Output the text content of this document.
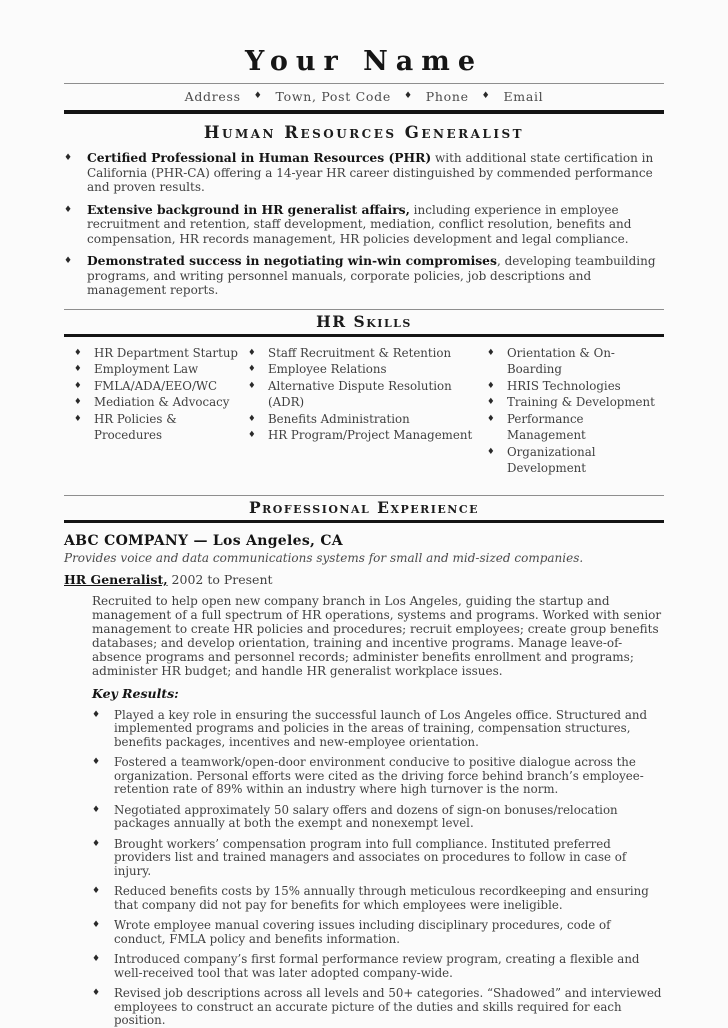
Your Name
Address ♦ Town, Post Code ♦ Phone ♦ Email
Human Resources Generalist
♦	Certified Professional in Human Resources (PHR) with additional state certification in California (PHR-CA) offering a 14-year HR career distinguished by commended performance and proven results.

♦	Extensive background in HR generalist affairs, including experience in employee recruitment and retention, staff development, mediation, conflict resolution, benefits and compensation, HR records management, HR policies development and legal compliance.

♦	Demonstrated success in negotiating win-win compromises, developing teambuilding programs, and writing personnel manuals, corporate policies, job descriptions and management reports.

HR Skills
♦	HR Department Startup
♦	Employment Law
♦	FMLA/ADA/EEO/WC
♦	Mediation & Advocacy
♦	HR Policies & Procedures
♦	Staff Recruitment & Retention
♦	Employee Relations
♦	Alternative Dispute Resolution (ADR)
♦	Benefits Administration
♦	HR Program/Project Management
♦	Orientation & On-Boarding
♦	HRIS Technologies
♦	Training & Development
♦	Performance Management
♦	Organizational Development
Professional Experience

ABC COMPANY — Los Angeles, CA

Provides voice and data communications systems for small and mid-sized companies.

HR Generalist, 2002 to Present

Recruited to help open new company branch in Los Angeles, guiding the startup and management of a full spectrum of HR operations, systems and programs. Worked with senior management to create HR policies and procedures; recruit employees; create group benefits databases; and develop orientation, training and incentive programs. Manage leave-of-absence programs and personnel records; administer benefits enrollment and programs; administer HR budget; and handle HR generalist workplace issues.

Key Results:

♦	Played a key role in ensuring the successful launch of Los Angeles office. Structured and implemented programs and policies in the areas of training, compensation structures, benefits packages, incentives and new-employee orientation.

♦	Fostered a teamwork/open-door environment conducive to positive dialogue across the organization. Personal efforts were cited as the driving force behind branch’s employee-retention rate of 89% within an industry where high turnover is the norm.

♦	Negotiated approximately 50 salary offers and dozens of sign-on bonuses/relocation packages annually at both the exempt and nonexempt level.

♦	Brought workers’ compensation program into full compliance. Instituted preferred providers list and trained managers and associates on procedures to follow in case of injury.

♦	Reduced benefits costs by 15% annually through meticulous recordkeeping and ensuring that company did not pay for benefits for which employees were ineligible.

♦	Wrote employee manual covering issues including disciplinary procedures, code of conduct, FMLA policy and benefits information.

♦	Introduced company’s first formal performance review program, creating a flexible and well-received tool that was later adopted company-wide.

♦	Revised job descriptions across all levels and 50+ categories. “Shadowed” and interviewed employees to construct an accurate picture of the duties and skills required for each position.
